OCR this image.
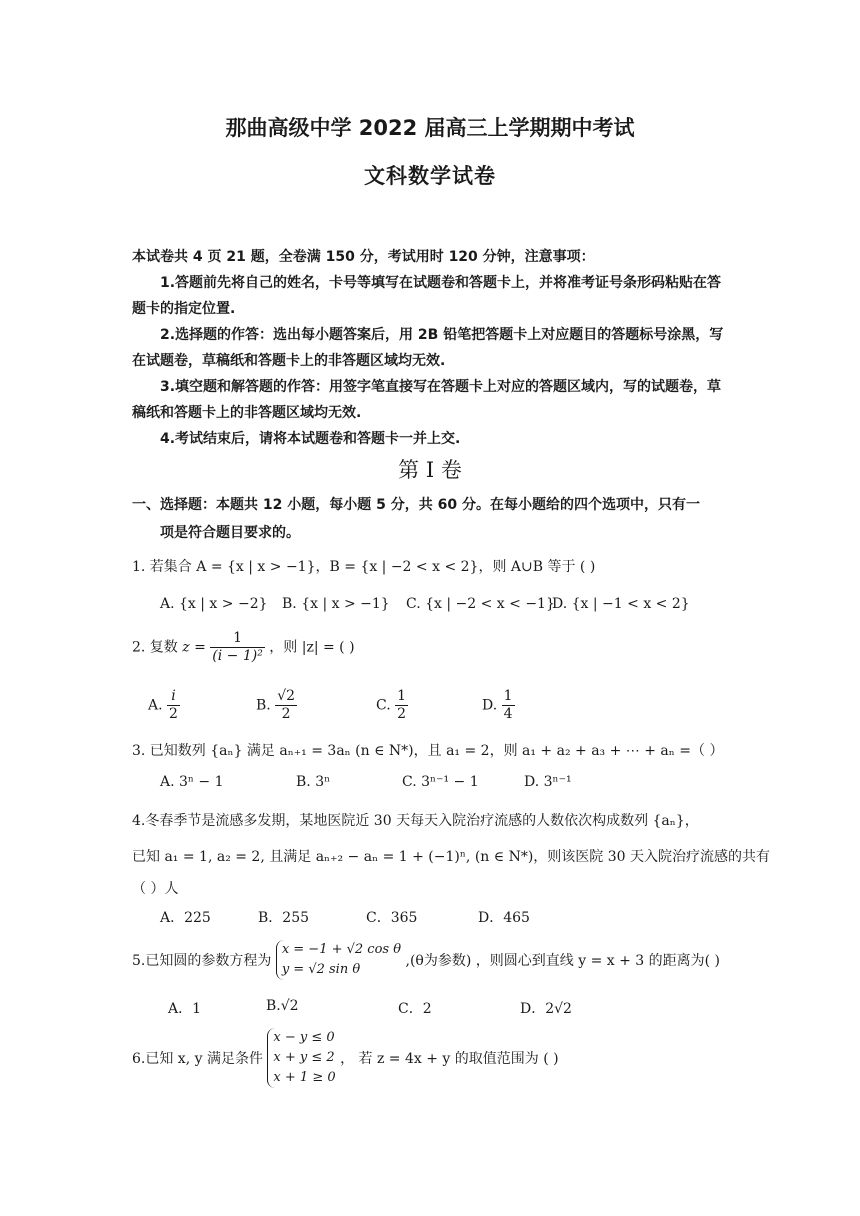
那曲高级中学 2022 届高三上学期期中考试
文科数学试卷
本试卷共 4 页 21 题，全卷满 150 分，考试用时 120 分钟，注意事项：
1.答题前先将自己的姓名，卡号等填写在试题卷和答题卡上，并将准考证号条形码粘贴在答题卡的指定位置.
2.选择题的作答：选出每小题答案后，用 2B 铅笔把答题卡上对应题目的答题标号涂黑，写在试题卷，草稿纸和答题卡上的非答题区域均无效.
3.填空题和解答题的作答：用签字笔直接写在答题卡上对应的答题区域内，写的试题卷，草稿纸和答题卡上的非答题区域均无效.
4.考试结束后，请将本试题卷和答题卡一并上交.
第 I 卷
一、选择题：本题共 12 小题，每小题 5 分，共 60 分。在每小题给的四个选项中，只有一
项是符合题目要求的。
1. 若集合 A = {x | x > −1}，B = {x | −2 < x < 2}，则 A∪B 等于 ( )
A. {x | x > −2} B. {x | x > −1} C. {x | −2 < x < −1}
D. {x | −1 < x < 2}
2. 复数 $z = \frac{1}{\text{(i − 1)²}}$ ，则 |z| = ( )
A. $\frac{i}{2}$	B. $\frac{√2}{2}$	C. $\frac{1}{2}$	D. $\frac{1}{4}$
3. 已知数列 {aₙ} 满足 aₙ₊₁ = 3aₙ (n ∈ N*)，且 a₁ = 2，则 a₁ + a₂ + a₃ + ⋯ + aₙ =（ ）
A. 3ⁿ − 1	B. 3ⁿ	C. 3ⁿ⁻¹ − 1	D. 3ⁿ⁻¹
4.冬春季节是流感多发期，某地医院近 30 天每天入院治疗流感的人数依次构成数列 {aₙ}，
已知 a₁ = 1, a₂ = 2, 且满足 aₙ₊₂ − aₙ = 1 + (−1)ⁿ, (n ∈ N*)，则该医院 30 天入院治疗流感的共有
（ ）人
A．225	B．255	C．365	D．465
5.已知圆的参数方程为
x = −1 + √2 cos θ
y = √2 sin θ
,(θ为参数) ，则圆心到直线 y = x + 3 的距离为( )
A．1	B.√2	C．2	D．2√2
6.已知 x, y 满足条件
x − y ≤ 0
x + y ≤ 2
x + 1 ≥ 0
， 若 z = 4x + y 的取值范围为 ( )
